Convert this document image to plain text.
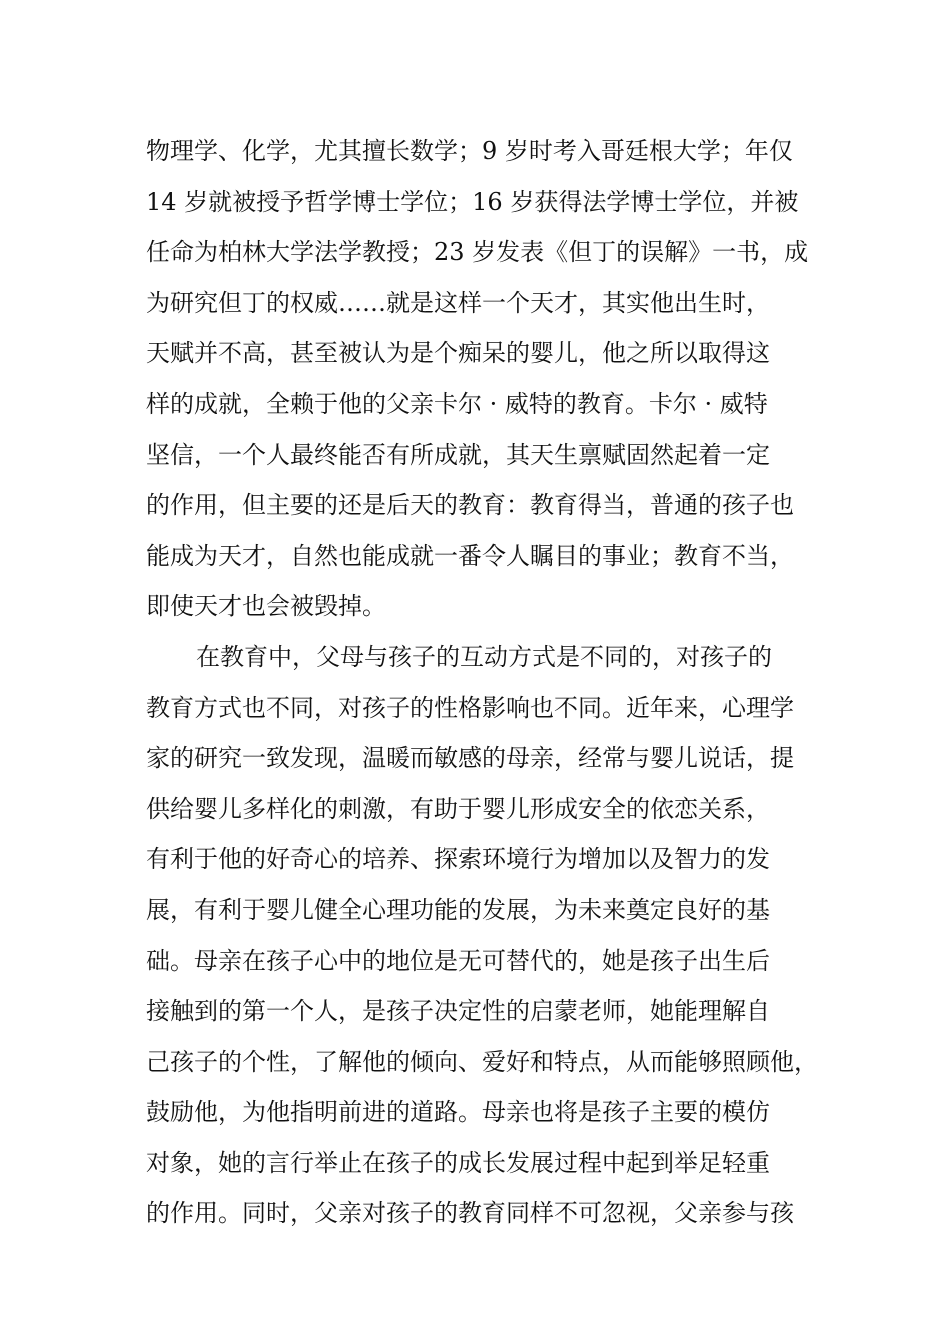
物理学、化学，尤其擅长数学；9 岁时考入哥廷根大学；年仅
14 岁就被授予哲学博士学位；16 岁获得法学博士学位，并被
任命为柏林大学法学教授；23 岁发表《但丁的误解》一书，成
为研究但丁的权威……就是这样一个天才，其实他出生时，
天赋并不高，甚至被认为是个痴呆的婴儿，他之所以取得这
样的成就，全赖于他的父亲卡尔 · 威特的教育。卡尔 · 威特
坚信，一个人最终能否有所成就，其天生禀赋固然起着一定
的作用，但主要的还是后天的教育：教育得当，普通的孩子也
能成为天才，自然也能成就一番令人瞩目的事业；教育不当，
即使天才也会被毁掉。
在教育中，父母与孩子的互动方式是不同的，对孩子的
教育方式也不同，对孩子的性格影响也不同。近年来，心理学
家的研究一致发现，温暖而敏感的母亲，经常与婴儿说话，提
供给婴儿多样化的刺激，有助于婴儿形成安全的依恋关系，
有利于他的好奇心的培养、探索环境行为增加以及智力的发
展，有利于婴儿健全心理功能的发展，为未来奠定良好的基
础。母亲在孩子心中的地位是无可替代的，她是孩子出生后
接触到的第一个人，是孩子决定性的启蒙老师，她能理解自
己孩子的个性，了解他的倾向、爱好和特点，从而能够照顾他，
鼓励他，为他指明前进的道路。母亲也将是孩子主要的模仿
对象，她的言行举止在孩子的成长发展过程中起到举足轻重
的作用。同时，父亲对孩子的教育同样不可忽视，父亲参与孩
